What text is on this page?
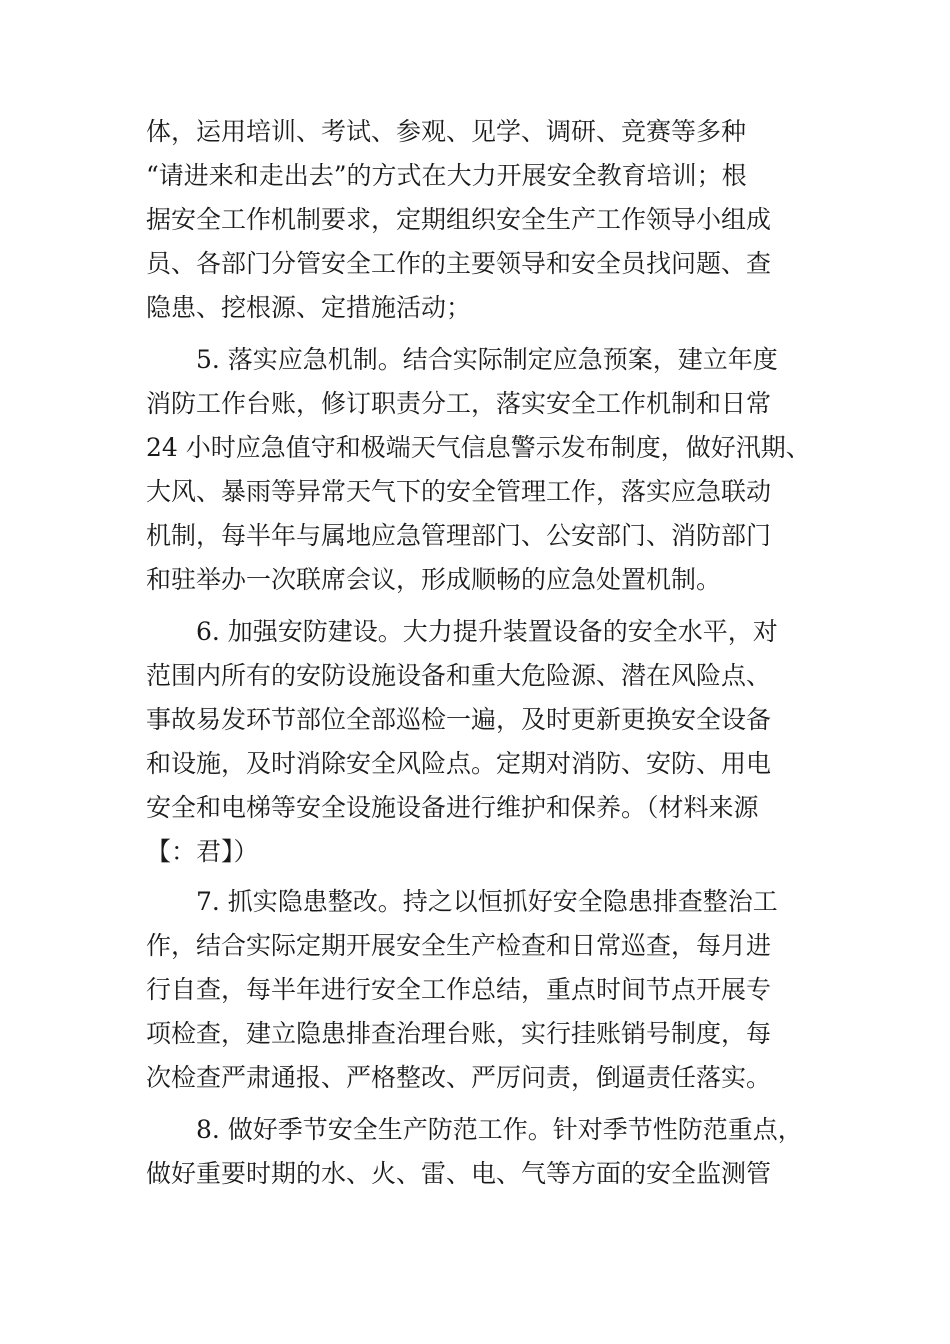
体，运用培训、考试、参观、见学、调研、竞赛等多种
“请进来和走出去”的方式在大力开展安全教育培训；根
据安全工作机制要求，定期组织安全生产工作领导小组成
员、各部门分管安全工作的主要领导和安全员找问题、查
隐患、挖根源、定措施活动；
5. 落实应急机制。结合实际制定应急预案，建立年度
消防工作台账，修订职责分工，落实安全工作机制和日常
24 小时应急值守和极端天气信息警示发布制度，做好汛期、
大风、暴雨等异常天气下的安全管理工作，落实应急联动
机制，每半年与属地应急管理部门、公安部门、消防部门
和驻举办一次联席会议，形成顺畅的应急处置机制。
6. 加强安防建设。大力提升装置设备的安全水平，对
范围内所有的安防设施设备和重大危险源、潜在风险点、
事故易发环节部位全部巡检一遍，及时更新更换安全设备
和设施，及时消除安全风险点。定期对消防、安防、用电
安全和电梯等安全设施设备进行维护和保养。（材料来源
【：君】）
7. 抓实隐患整改。持之以恒抓好安全隐患排查整治工
作，结合实际定期开展安全生产检查和日常巡查，每月进
行自查，每半年进行安全工作总结，重点时间节点开展专
项检查，建立隐患排查治理台账，实行挂账销号制度，每
次检查严肃通报、严格整改、严厉问责，倒逼责任落实。
8. 做好季节安全生产防范工作。针对季节性防范重点，
做好重要时期的水、火、雷、电、气等方面的安全监测管
